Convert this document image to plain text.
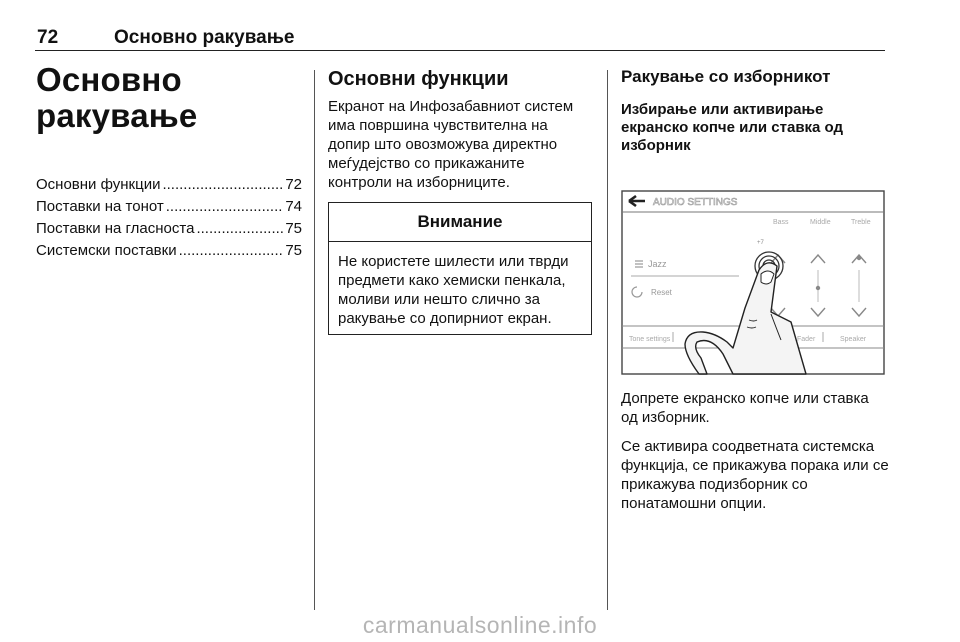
72	Основно ракување
Основно ракување
Основни функции .....	72
Поставки на тонот .....	74
Поставки на гласноста .....	75
Системски поставки .....	75
Основни функции

Екранот на Инфозабавниот систем има површина чувствителна на допир што овозможува директно меѓудејство со прикажаните контроли на изборниците.

Внимание
Не користете шилести или тврди предмети како хемиски пенкала, моливи или нешто слично за ракување со допирниот екран.
Ракување со изборникот

Избирање или активирање екранско копче или ставка од изборник

AUDIO SETTINGS
Bass	Middle	Treble
+7
Jazz
Reset
Tone settings	Fader	Speaker

Допрете екранско копче или ставка од изборник.

Се активира соодветната системска функција, се прикажува порака или се прикажува подизборник со понатамошни опции.

carmanualsonline.info
